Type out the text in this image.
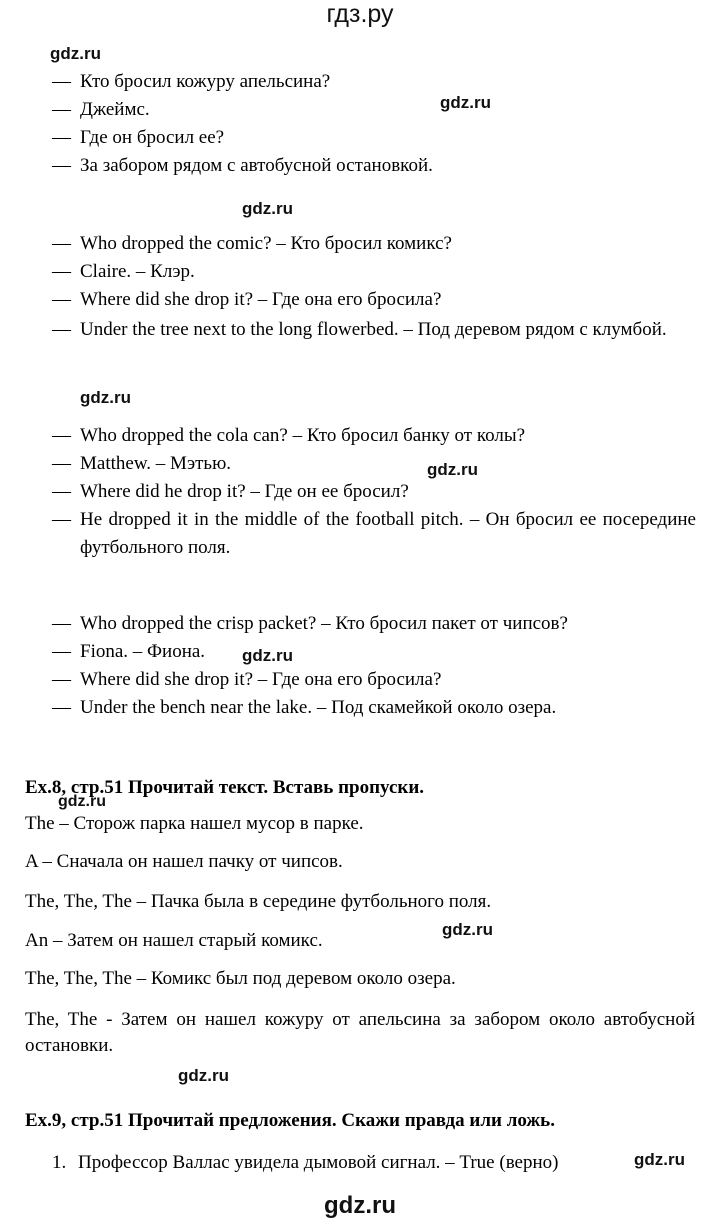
гдз.ру
gdz.ru
gdz.ru
gdz.ru
gdz.ru
gdz.ru
gdz.ru
gdz.ru
gdz.ru
gdz.ru
gdz.ru
— Кто бросил кожуру апельсина?
— Джеймс.
— Где он бросил ее?
— За забором рядом с автобусной остановкой.
— Who dropped the comic? – Кто бросил комикс?
— Claire. – Клэр.
— Where did she drop it? – Где она его бросила?
— Under the tree next to the long flowerbed. – Под деревом рядом с клумбой.
— Who dropped the cola can? – Кто бросил банку от колы?
— Matthew. – Мэтью.
— Where did he drop it? – Где он ее бросил?
— He dropped it in the middle of the football pitch. – Он бросил ее посередине футбольного поля.
— Who dropped the crisp packet? – Кто бросил пакет от чипсов?
— Fiona. – Фиона.
— Where did she drop it? – Где она его бросила?
— Under the bench near the lake. – Под скамейкой около озера.
Ex.8, стр.51 Прочитай текст. Вставь пропуски.
The – Сторож парка нашел мусор в парке.
A – Сначала он нашел пачку от чипсов.
The, The, The – Пачка была в середине футбольного поля.
An – Затем он нашел старый комикс.
The, The, The – Комикс был под деревом около озера.
The, The - Затем он нашел кожуру от апельсина за забором около автобусной остановки.
Ex.9, стр.51 Прочитай предложения. Скажи правда или ложь.
1. Профессор Валлас увидела дымовой сигнал. – True (верно)
gdz.ru
